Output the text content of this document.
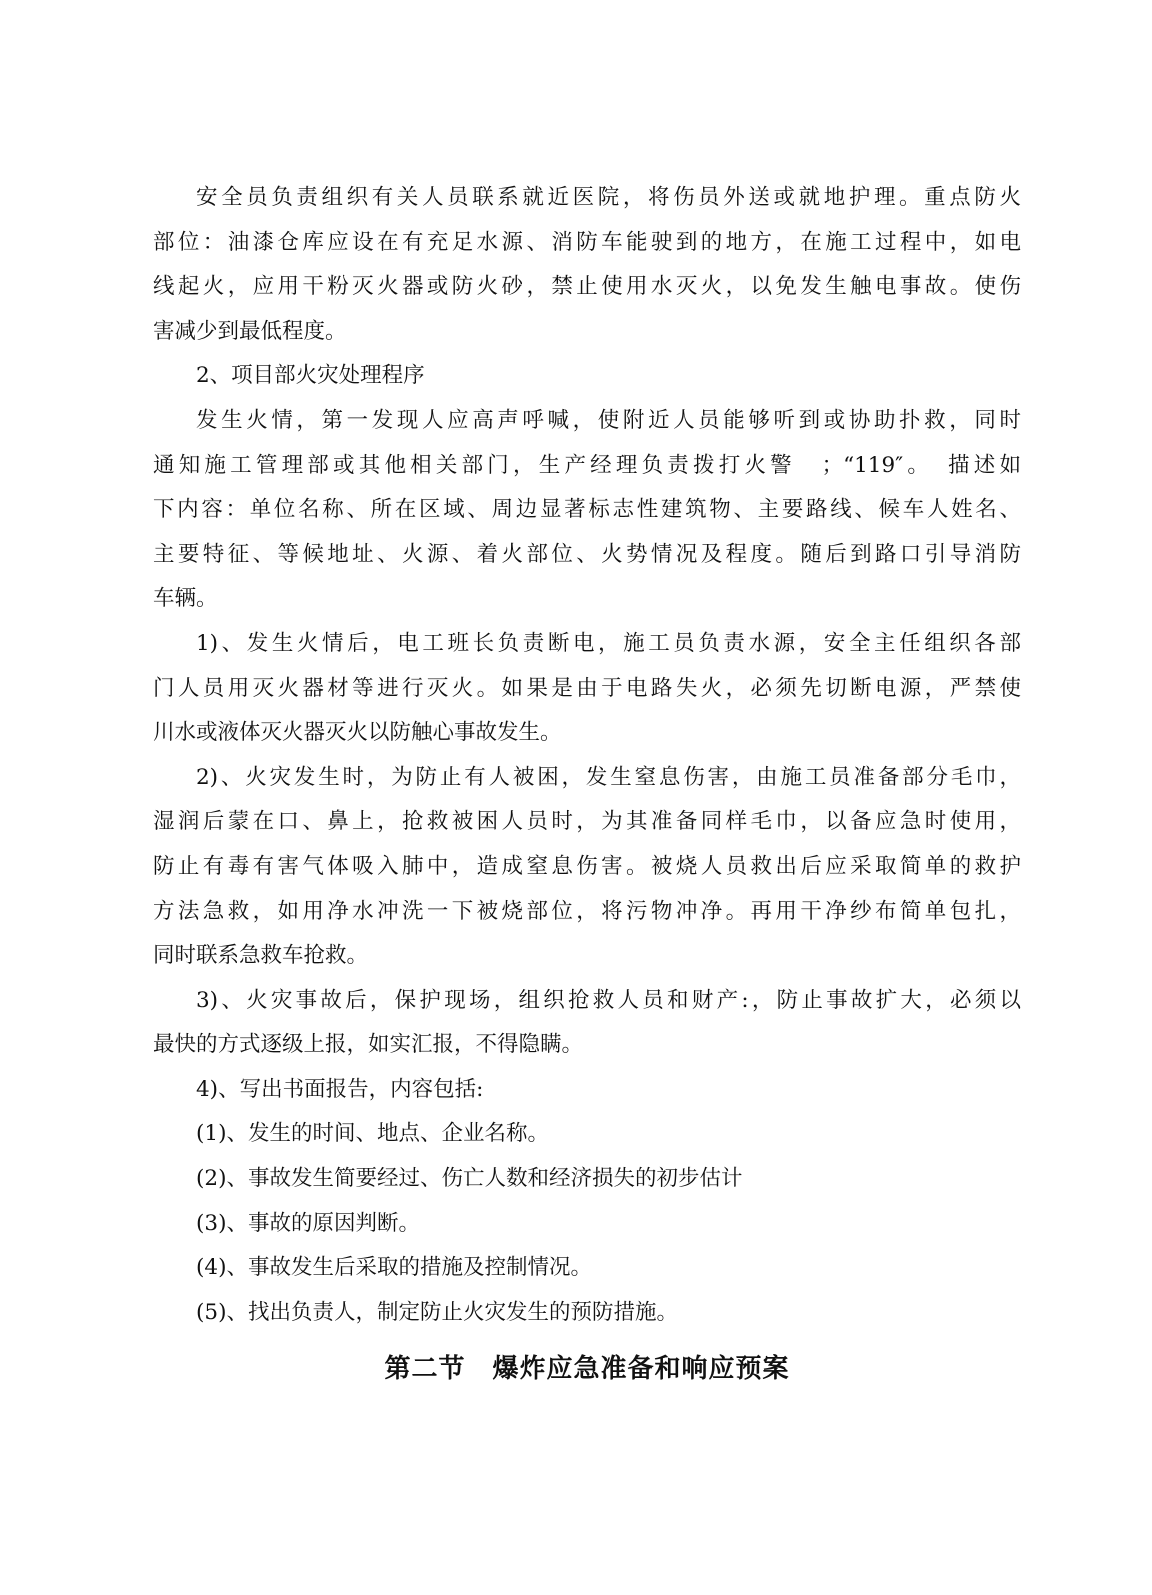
安全员负责组织有关人员联系就近医院，将伤员外送或就地护理。重点防火
部位：油漆仓库应设在有充足水源、消防车能驶到的地方，在施工过程中，如电
线起火，应用干粉灭火器或防火砂，禁止使用水灭火，以免发生触电事故。使伤
害减少到最低程度。
2、项目部火灾处理程序
发生火情，第一发现人应高声呼喊，使附近人员能够听到或协助扑救，同时
通知施工管理部或其他相关部门，生产经理负责拨打火警　；“119″。　描述如
下内容：单位名称、所在区域、周边显著标志性建筑物、主要路线、候车人姓名、
主要特征、等候地址、火源、着火部位、火势情况及程度。随后到路口引导消防
车辆。
1)、发生火情后，电工班长负责断电，施工员负责水源，安全主任组织各部
门人员用灭火器材等进行灭火。如果是由于电路失火，必须先切断电源，严禁使
川水或液体灭火器灭火以防触心事故发生。
2)、火灾发生时，为防止有人被困，发生窒息伤害，由施工员准备部分毛巾，
湿润后蒙在口、鼻上，抢救被困人员时，为其准备同样毛巾，以备应急时使用，
防止有毒有害气体吸入肺中，造成窒息伤害。被烧人员救出后应采取简单的救护
方法急救，如用净水冲洗一下被烧部位，将污物冲净。再用干净纱布简单包扎，
同时联系急救车抢救。
3)、火灾事故后，保护现场，组织抢救人员和财产:，防止事故扩大，必须以
最快的方式逐级上报，如实汇报，不得隐瞒。
4)、写出书面报告，内容包括:
(1)、发生的时间、地点、企业名称。
(2)、事故发生简要经过、伤亡人数和经济损失的初步估计
(3)、事故的原因判断。
(4)、事故发生后采取的措施及控制情况。
(5)、找出负责人，制定防止火灾发生的预防措施。
第二节　爆炸应急准备和响应预案
